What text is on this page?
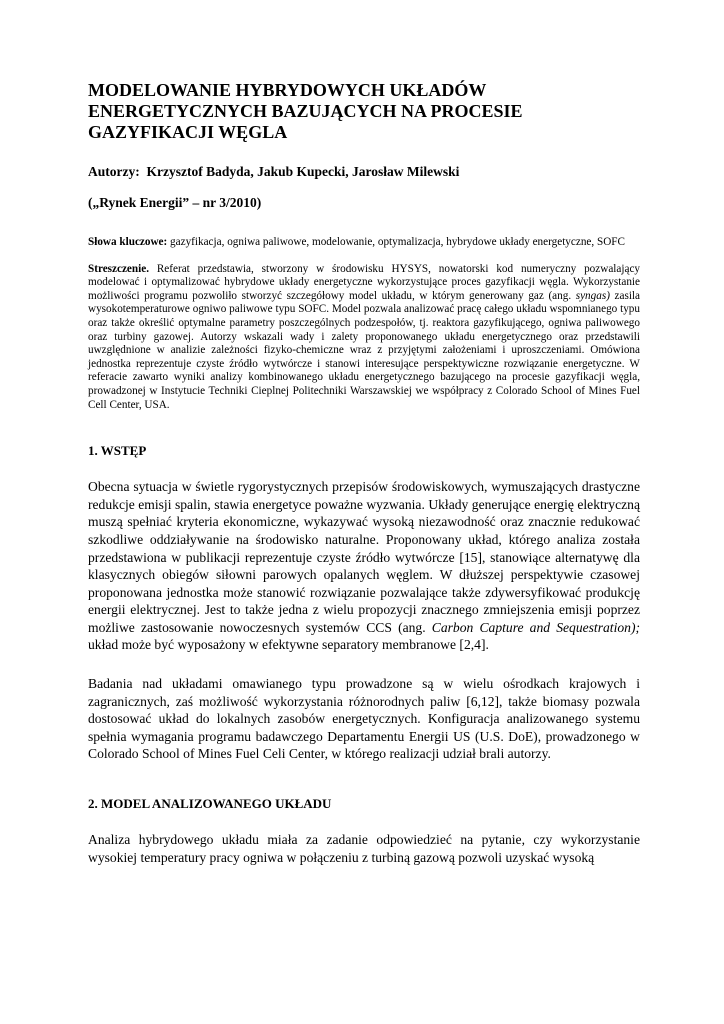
MODELOWANIE HYBRYDOWYCH UKŁADÓW ENERGETYCZNYCH BAZUJĄCYCH NA PROCESIE GAZYFIKACJI WĘGLA
Autorzy: Krzysztof Badyda, Jakub Kupecki, Jarosław Milewski
(„Rynek Energii” – nr 3/2010)
Słowa kluczowe: gazyfikacja, ogniwa paliwowe, modelowanie, optymalizacja, hybrydowe układy energetyczne, SOFC
Streszczenie. Referat przedstawia, stworzony w środowisku HYSYS, nowatorski kod numeryczny pozwalający modelować i optymalizować hybrydowe układy energetyczne wykorzystujące proces gazyfikacji węgla. Wykorzystanie możliwości programu pozwoliło stworzyć szczegółowy model układu, w którym generowany gaz (ang. syngas) zasila wysokotemperaturowe ogniwo paliwowe typu SOFC. Model pozwala analizować pracę całego układu wspomnianego typu oraz także określić optymalne parametry poszczególnych podzespołów, tj. reaktora gazyfikującego, ogniwa paliwowego oraz turbiny gazowej. Autorzy wskazali wady i zalety proponowanego układu energetycznego oraz przedstawili uwzględnione w analizie zależności fizyko-chemiczne wraz z przyjętymi założeniami i uproszczeniami. Omówiona jednostka reprezentuje czyste źródło wytwórcze i stanowi interesujące perspektywiczne rozwiązanie energetyczne. W referacie zawarto wyniki analizy kombinowanego układu energetycznego bazującego na procesie gazyfikacji węgla, prowadzonej w Instytucie Techniki Cieplnej Politechniki Warszawskiej we współpracy z Colorado School of Mines Fuel Cell Center, USA.
1. WSTĘP
Obecna sytuacja w świetle rygorystycznych przepisów środowiskowych, wymuszających drastyczne redukcje emisji spalin, stawia energetyce poważne wyzwania. Układy generujące energię elektryczną muszą spełniać kryteria ekonomiczne, wykazywać wysoką niezawodność oraz znacznie redukować szkodliwe oddziaływanie na środowisko naturalne. Proponowany układ, którego analiza została przedstawiona w publikacji reprezentuje czyste źródło wytwórcze [15], stanowiące alternatywę dla klasycznych obiegów siłowni parowych opalanych węglem. W dłuższej perspektywie czasowej proponowana jednostka może stanowić rozwiązanie pozwalające także zdywersyfikować produkcję energii elektrycznej. Jest to także jedna z wielu propozycji znacznego zmniejszenia emisji poprzez możliwe zastosowanie nowoczesnych systemów CCS (ang. Carbon Capture and Sequestration); układ może być wyposażony w efektywne separatory membranowe [2,4].
Badania nad układami omawianego typu prowadzone są w wielu ośrodkach krajowych i zagranicznych, zaś możliwość wykorzystania różnorodnych paliw [6,12], także biomasy pozwala dostosować układ do lokalnych zasobów energetycznych. Konfiguracja analizowanego systemu spełnia wymagania programu badawczego Departamentu Energii US (U.S. DoE), prowadzonego w Colorado School of Mines Fuel Celi Center, w którego realizacji udział brali autorzy.
2. MODEL ANALIZOWANEGO UKŁADU
Analiza hybrydowego układu miała za zadanie odpowiedzieć na pytanie, czy wykorzystanie wysokiej temperatury pracy ogniwa w połączeniu z turbiną gazową pozwoli uzyskać wysoką
